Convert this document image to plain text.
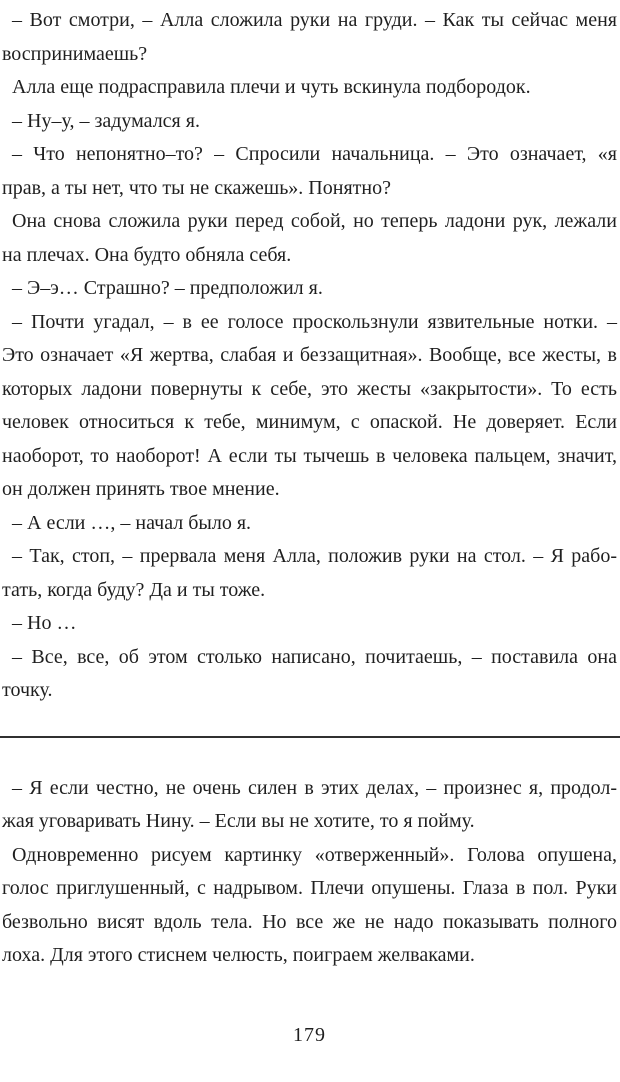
– Вот смотри, – Алла сложила руки на груди. – Как ты сейчас меня
воспринимаешь?
Алла еще подрасправила плечи и чуть вскинула подбородок.
– Ну–у, – задумался я.
– Что непонятно–то? – Спросили начальница. – Это означает, «я
прав, а ты нет, что ты не скажешь». Понятно?
Она снова сложила руки перед собой, но теперь ладони рук, лежали
на плечах. Она будто обняла себя.
– Э–э… Страшно? – предположил я.
– Почти угадал, – в ее голосе проскользнули язвительные нотки. –
Это означает «Я жертва, слабая и беззащитная». Вообще, все жесты, в
которых ладони повернуты к себе, это жесты «закрытости». То есть
человек относиться к тебе, минимум, с опаской. Не доверяет. Если
наоборот, то наоборот! А если ты тычешь в человека пальцем, значит,
он должен принять твое мнение.
– А если …, – начал было я.
– Так, стоп, – прервала меня Алла, положив руки на стол. – Я рабо-
тать, когда буду? Да и ты тоже.
– Но …
– Все, все, об этом столько написано, почитаешь, – поставила она
точку.
– Я если честно, не очень силен в этих делах, – произнес я, продол-
жая уговаривать Нину. – Если вы не хотите, то я пойму.
Одновременно рисуем картинку «отверженный». Голова опушена,
голос приглушенный, с надрывом. Плечи опушены. Глаза в пол. Руки
безвольно висят вдоль тела. Но все же не надо показывать полного
лоха. Для этого стиснем челюсть, поиграем желваками.
179
